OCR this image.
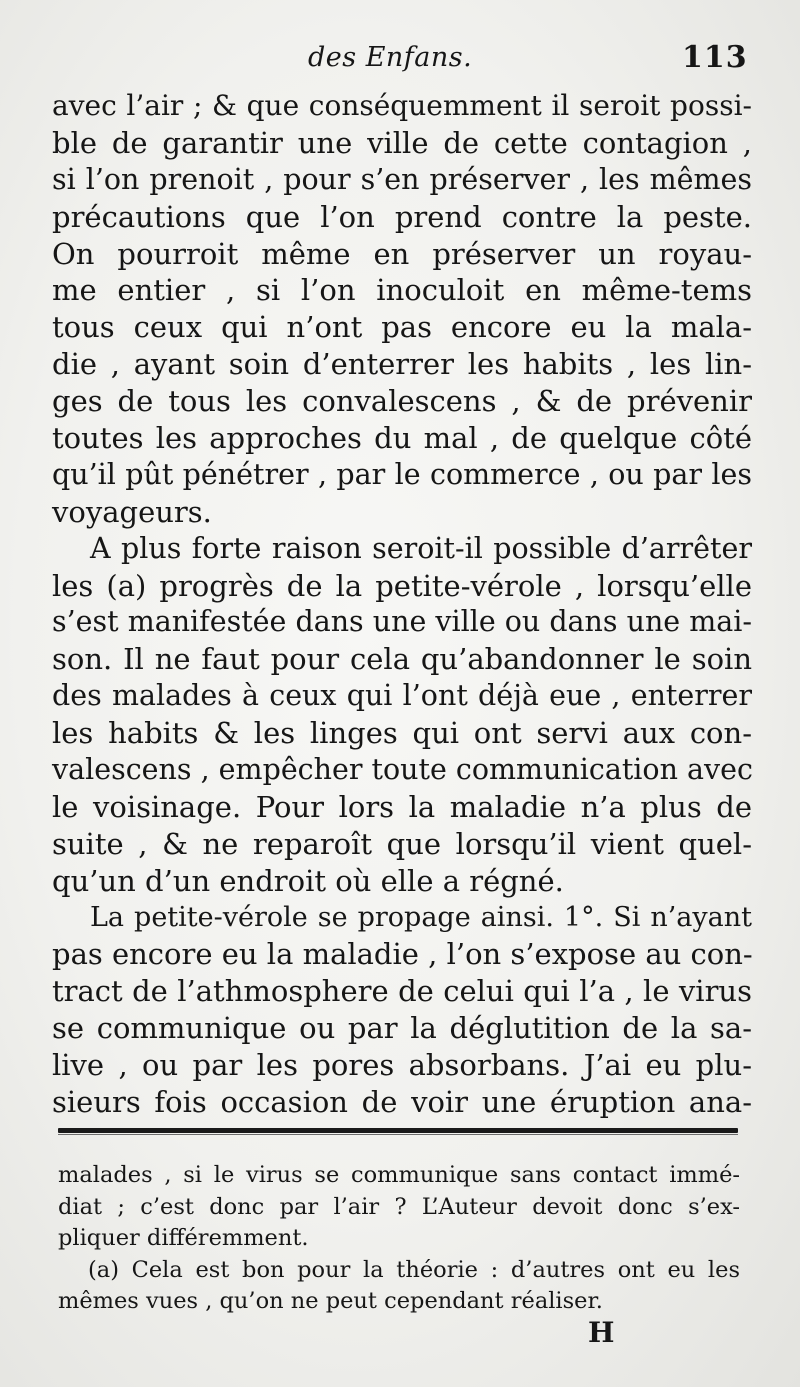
des Enfans.	113
avec l’air ; & que conséquemment il seroit possi-
ble de garantir une ville de cette contagion ,
si l’on prenoit , pour s’en préserver , les mêmes
précautions que l’on prend contre la peste.
On pourroit même en préserver un royau-
me entier , si l’on inoculoit en même-tems
tous ceux qui n’ont pas encore eu la mala-
die , ayant soin d’enterrer les habits , les lin-
ges de tous les convalescens , & de prévenir
toutes les approches du mal , de quelque côté
qu’il pût pénétrer , par le commerce , ou par les
voyageurs.
A plus forte raison seroit-il possible d’arrêter
les (a) progrès de la petite-vérole , lorsqu’elle
s’est manifestée dans une ville ou dans une mai-
son. Il ne faut pour cela qu’abandonner le soin
des malades à ceux qui l’ont déjà eue , enterrer
les habits & les linges qui ont servi aux con-
valescens , empêcher toute communication avec
le voisinage. Pour lors la maladie n’a plus de
suite , & ne reparoît que lorsqu’il vient quel-
qu’un d’un endroit où elle a régné.
La petite-vérole se propage ainsi. 1°. Si n’ayant
pas encore eu la maladie , l’on s’expose au con-
tract de l’athmosphere de celui qui l’a , le virus
se communique ou par la déglutition de la sa-
live , ou par les pores absorbans. J’ai eu plu-
sieurs fois occasion de voir une éruption ana-
malades , si le virus se communique sans contact immé-
diat ; c’est donc par l’air ? L’Auteur devoit donc s’ex-
pliquer différemment.
(a) Cela est bon pour la théorie : d’autres ont eu les
mêmes vues , qu’on ne peut cependant réaliser.
H
